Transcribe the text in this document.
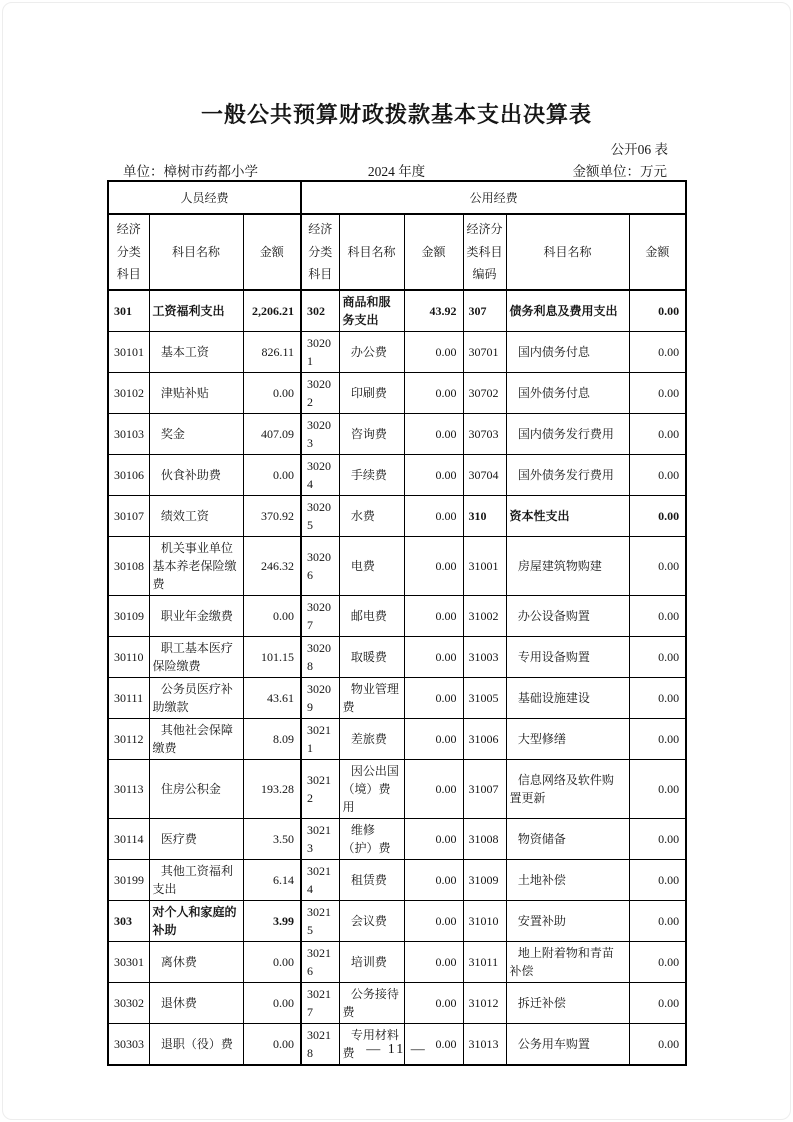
一般公共预算财政拨款基本支出决算表
公开06 表
单位：樟树市药都小学	2024 年度	金额单位：万元
人员经费			公用经费					
经济分类科目	科目名称	金额	经济分类科目	科目名称	金额	经济分类科目编码	科目名称	金额
301	工资福利支出	2,206.21	302	商品和服务支出	43.92	307	债务利息及费用支出	0.00
30101	基本工资	826.11	30201	办公费	0.00	30701	国内债务付息	0.00
30102	津贴补贴	0.00	30202	印刷费	0.00	30702	国外债务付息	0.00
30103	奖金	407.09	30203	咨询费	0.00	30703	国内债务发行费用	0.00
30106	伙食补助费	0.00	30204	手续费	0.00	30704	国外债务发行费用	0.00
30107	绩效工资	370.92	30205	水费	0.00	310	资本性支出	0.00
30108	机关事业单位基本养老保险缴费	246.32	30206	电费	0.00	31001	房屋建筑物购建	0.00
30109	职业年金缴费	0.00	30207	邮电费	0.00	31002	办公设备购置	0.00
30110	职工基本医疗保险缴费	101.15	30208	取暖费	0.00	31003	专用设备购置	0.00
30111	公务员医疗补助缴款	43.61	30209	物业管理费	0.00	31005	基础设施建设	0.00
30112	其他社会保障缴费	8.09	30211	差旅费	0.00	31006	大型修缮	0.00
30113	住房公积金	193.28	30212	因公出国（境）费用	0.00	31007	信息网络及软件购置更新	0.00
30114	医疗费	3.50	30213	维修（护）费	0.00	31008	物资储备	0.00
30199	其他工资福利支出	6.14	30214	租赁费	0.00	31009	土地补偿	0.00
303	对个人和家庭的补助	3.99	30215	会议费	0.00	31010	安置补助	0.00
30301	离休费	0.00	30216	培训费	0.00	31011	地上附着物和青苗补偿	0.00
30302	退休费	0.00	30217	公务接待费	0.00	31012	拆迁补偿	0.00
30303	退职（役）费	0.00	30218	专用材料费	0.00	31013	公务用车购置	0.00
— 11 —
